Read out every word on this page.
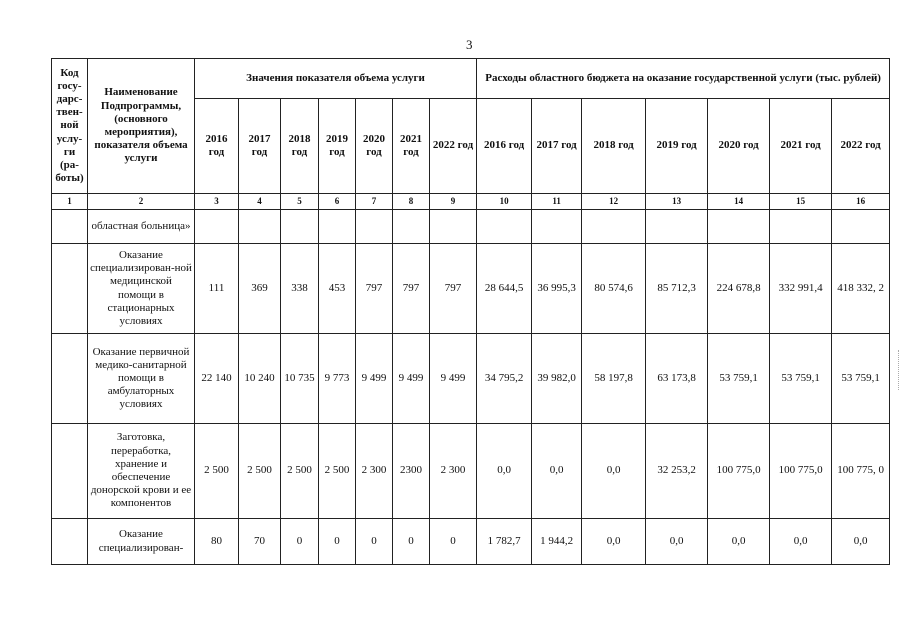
3
Код госу-дарс-твен-ной услу-ги (ра-боты)	Наименование Подпрограммы, (основного мероприятия), показателя объема услуги	Значения показателя объема услуги							Расходы областного бюджета на оказание государственной услуги (тыс. рублей)						
		2016 год	2017 год	2018 год	2019 год	2020 год	2021 год	2022 год	2016 год	2017 год	2018 год	2019 год	2020 год	2021 год	2022 год
1	2	3	4	5	6	7	8	9	10	11	12	13	14	15	16
	областная больница»														
	Оказание специализирован-ной медицинской помощи в стационарных условиях	111	369	338	453	797	797	797	28 644,5	36 995,3	80 574,6	85 712,3	224 678,8	332 991,4	418 332, 2
	Оказание первичной медико-санитарной помощи в амбулаторных условиях	22 140	10 240	10 735	9 773	9 499	9 499	9 499	34 795,2	39 982,0	58 197,8	63 173,8	53 759,1	53 759,1	53 759,1
	Заготовка, переработка, хранение и обеспечение донорской крови и ее компонентов	2 500	2 500	2 500	2 500	2 300	2300	2 300	0,0	0,0	0,0	32 253,2	100 775,0	100 775,0	100 775, 0
	Оказание специализирован-	80	70	0	0	0	0	0	1 782,7	1 944,2	0,0	0,0	0,0	0,0	0,0
